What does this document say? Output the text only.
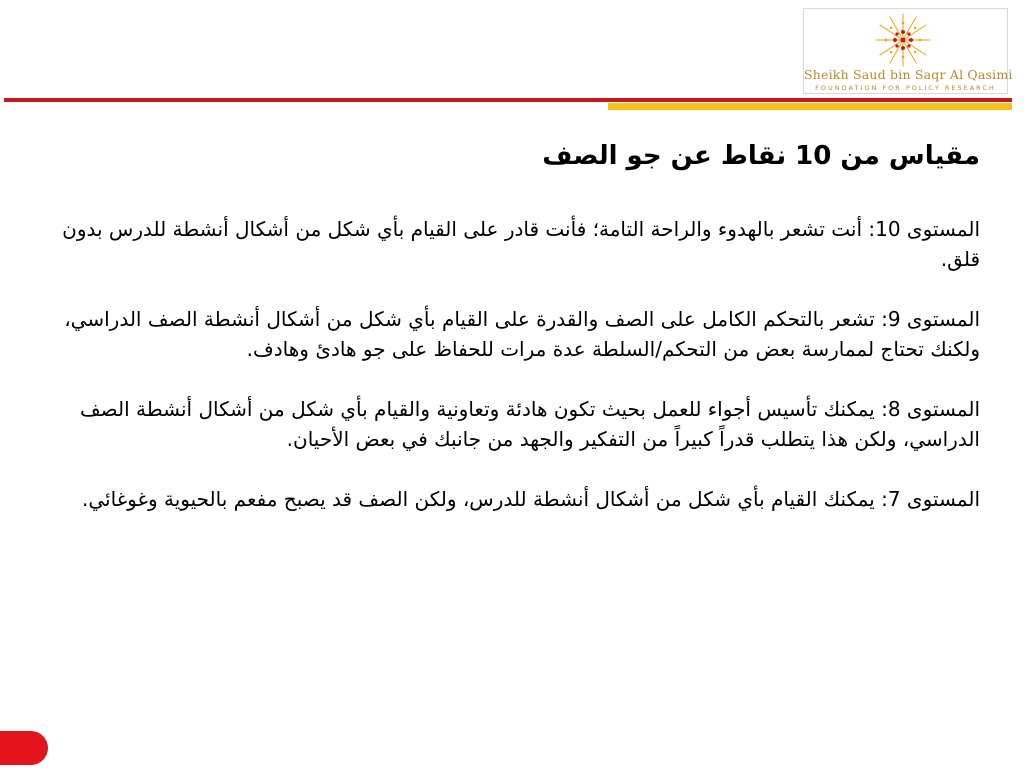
Sheikh Saud bin Saqr Al Qasimi
FOUNDATION FOR POLICY RESEARCH
مقياس من 10 نقاط عن جو الصف

المستوى 10: أنت تشعر بالهدوء والراحة التامة؛ فأنت قادر على القيام بأي شكل من أشكال أنشطة للدرس بدون قلق.

المستوى 9: تشعر بالتحكم الكامل على الصف والقدرة على القيام بأي شكل من أشكال أنشطة الصف الدراسي، ولكنك تحتاج لممارسة بعض من التحكم/السلطة عدة مرات للحفاظ على جو هادئ وهادف.

المستوى 8: يمكنك تأسيس أجواء للعمل بحيث تكون هادئة وتعاونية والقيام بأي شكل من أشكال أنشطة الصف الدراسي، ولكن هذا يتطلب قدراً كبيراً من التفكير والجهد من جانبك في بعض الأحيان.

المستوى 7: يمكنك القيام بأي شكل من أشكال أنشطة للدرس، ولكن الصف قد يصبح مفعم بالحيوية وغوغائي.
